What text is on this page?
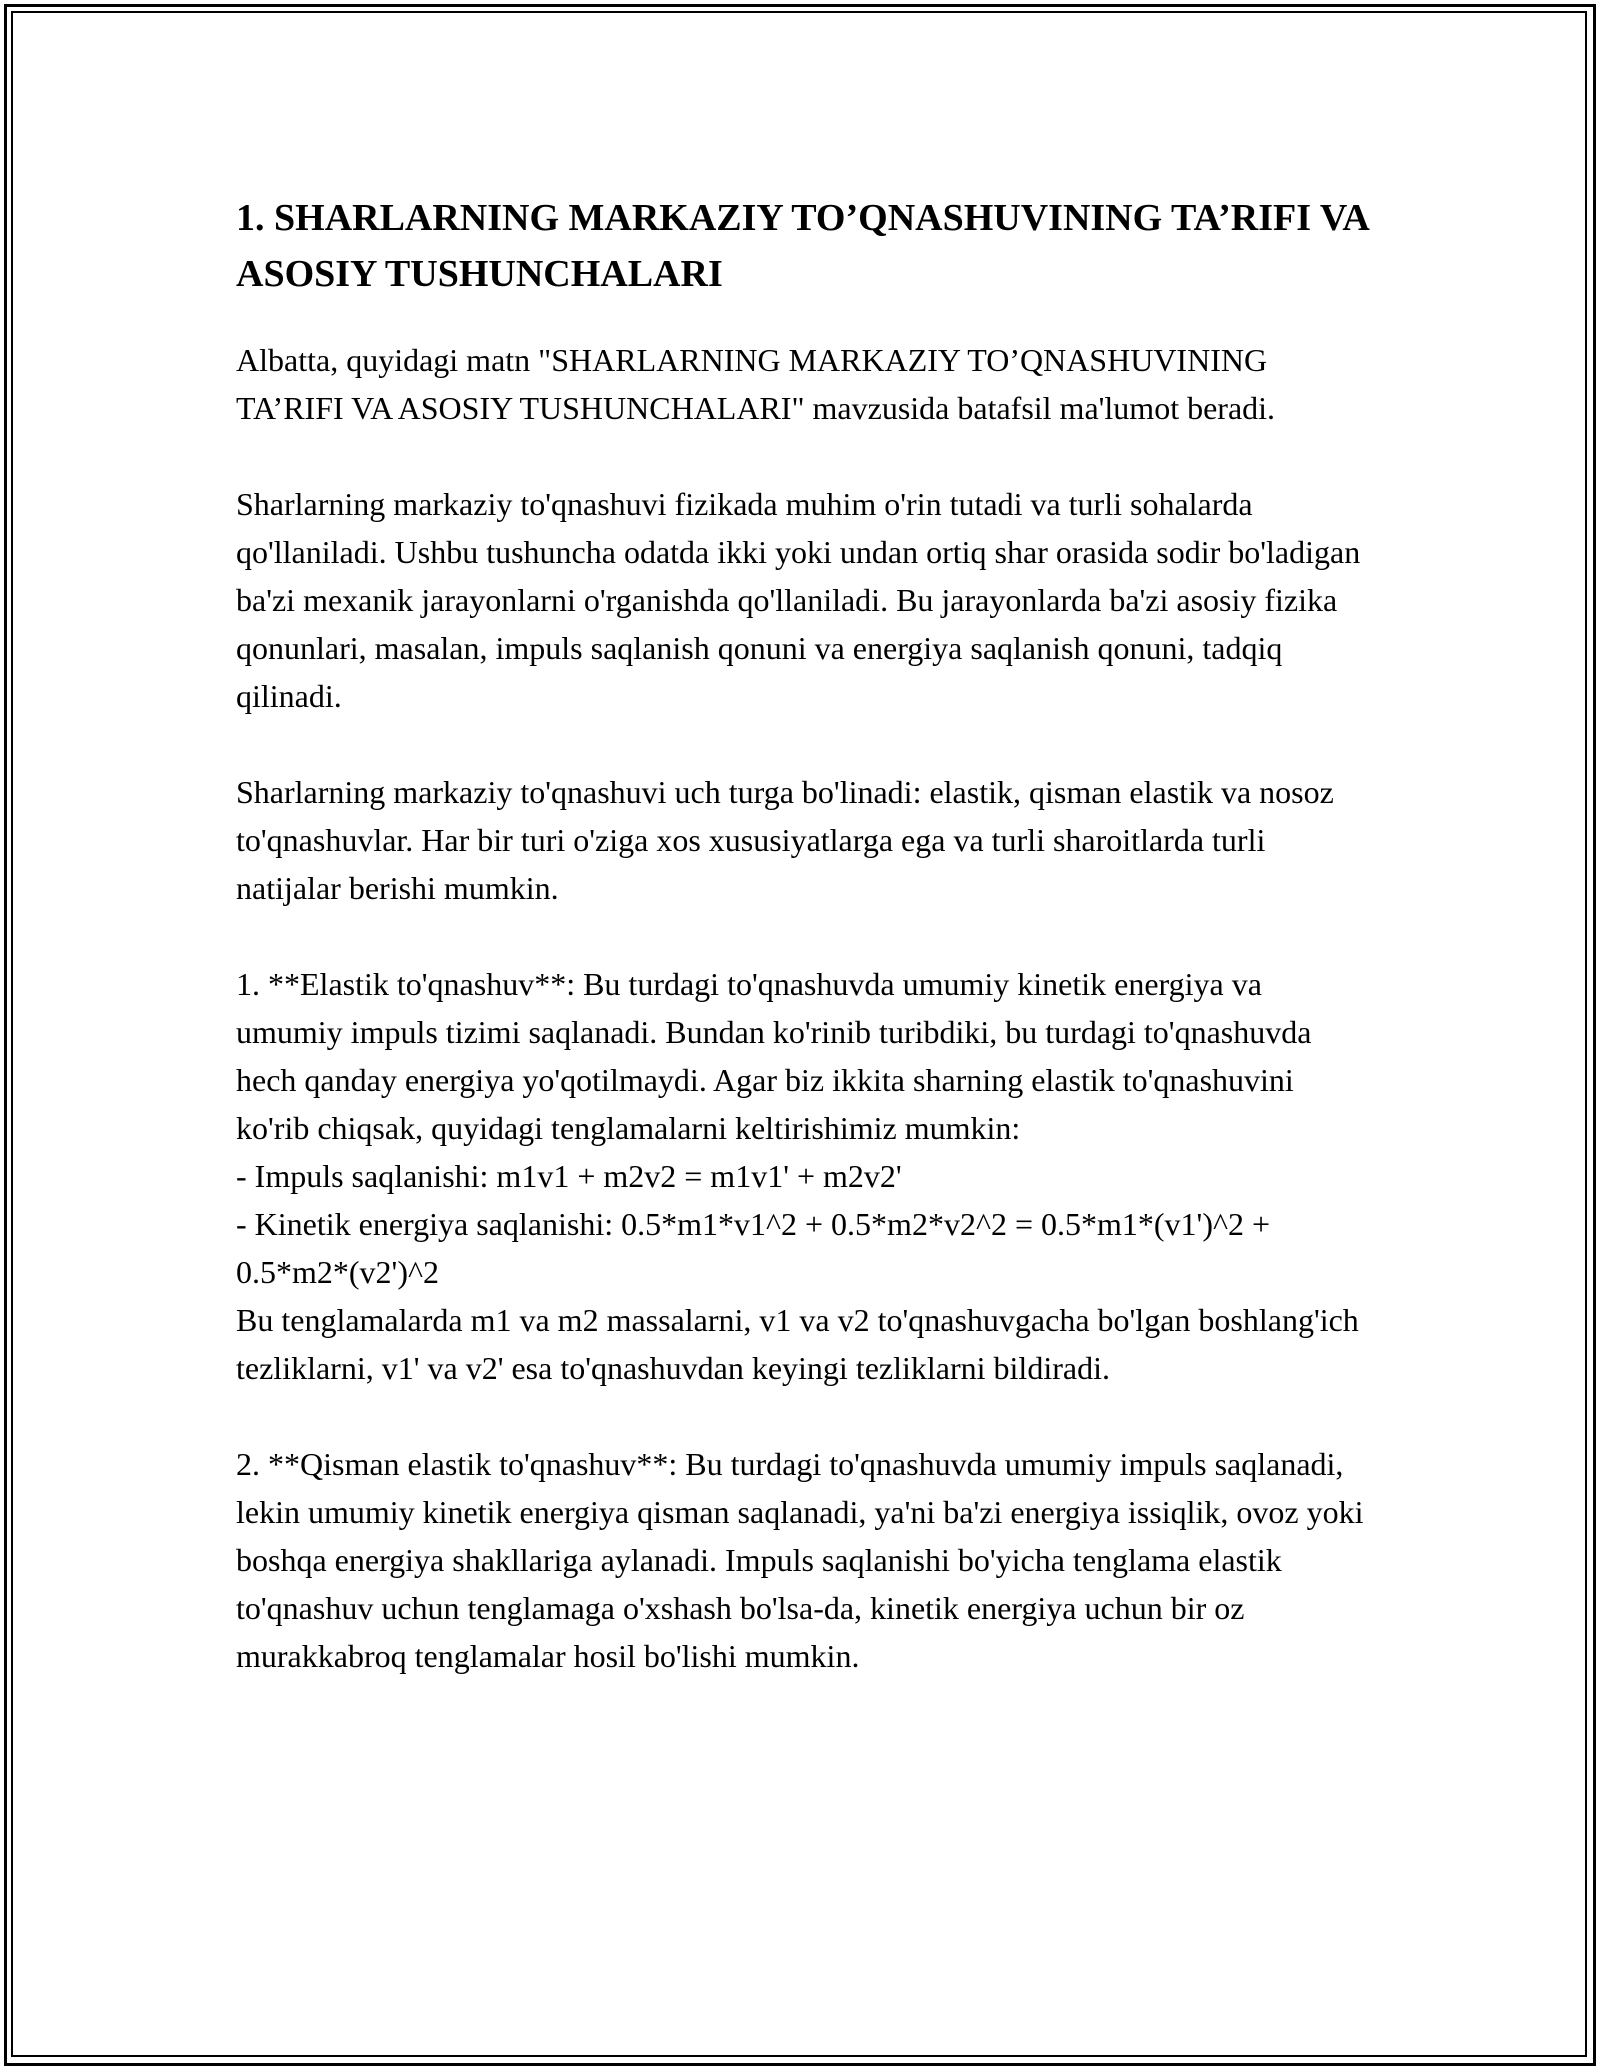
1. SHARLARNING MARKAZIY TO’QNASHUVINING TA’RIFI VA ASOSIY TUSHUNCHALARI

Albatta, quyidagi matn "SHARLARNING MARKAZIY TO’QNASHUVINING TA’RIFI VA ASOSIY TUSHUNCHALARI" mavzusida batafsil ma'lumot beradi.

Sharlarning markaziy to'qnashuvi fizikada muhim o'rin tutadi va turli sohalarda qo'llaniladi. Ushbu tushuncha odatda ikki yoki undan ortiq shar orasida sodir bo'ladigan ba'zi mexanik jarayonlarni o'rganishda qo'llaniladi. Bu jarayonlarda ba'zi asosiy fizika qonunlari, masalan, impuls saqlanish qonuni va energiya saqlanish qonuni, tadqiq qilinadi.

Sharlarning markaziy to'qnashuvi uch turga bo'linadi: elastik, qisman elastik va nosoz to'qnashuvlar. Har bir turi o'ziga xos xususiyatlarga ega va turli sharoitlarda turli natijalar berishi mumkin.

1. **Elastik to'qnashuv**: Bu turdagi to'qnashuvda umumiy kinetik energiya va umumiy impuls tizimi saqlanadi. Bundan ko'rinib turibdiki, bu turdagi to'qnashuvda hech qanday energiya yo'qotilmaydi. Agar biz ikkita sharning elastik to'qnashuvini ko'rib chiqsak, quyidagi tenglamalarni keltirishimiz mumkin:
- Impuls saqlanishi: m1v1 + m2v2 = m1v1' + m2v2'
- Kinetik energiya saqlanishi: 0.5*m1*v1^2 + 0.5*m2*v2^2 = 0.5*m1*(v1')^2 + 0.5*m2*(v2')^2
Bu tenglamalarda m1 va m2 massalarni, v1 va v2 to'qnashuvgacha bo'lgan boshlang'ich tezliklarni, v1' va v2' esa to'qnashuvdan keyingi tezliklarni bildiradi.

2. **Qisman elastik to'qnashuv**: Bu turdagi to'qnashuvda umumiy impuls saqlanadi, lekin umumiy kinetik energiya qisman saqlanadi, ya'ni ba'zi energiya issiqlik, ovoz yoki boshqa energiya shakllariga aylanadi. Impuls saqlanishi bo'yicha tenglama elastik to'qnashuv uchun tenglamaga o'xshash bo'lsa-da, kinetik energiya uchun bir oz murakkabroq tenglamalar hosil bo'lishi mumkin.
